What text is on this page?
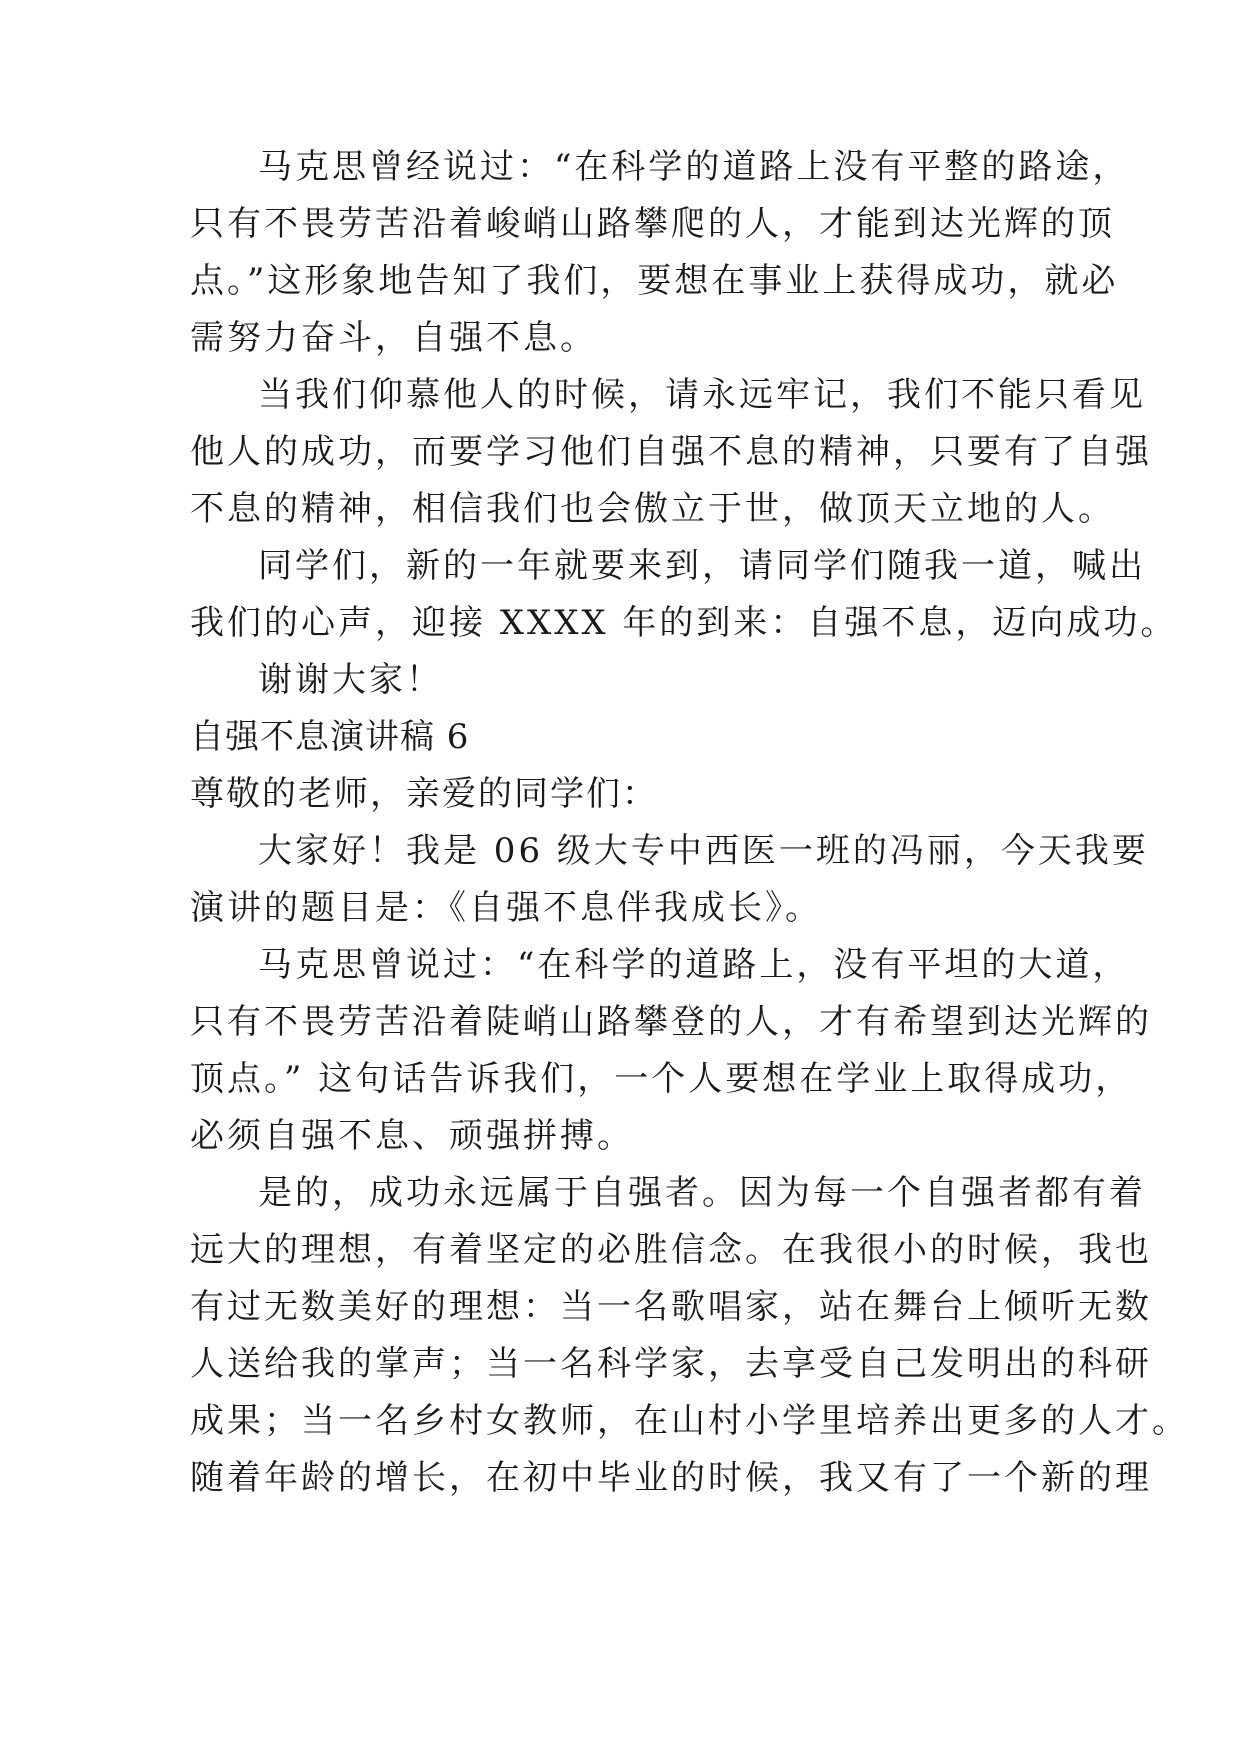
马克思曾经说过：“在科学的道路上没有平整的路途，

只有不畏劳苦沿着峻峭山路攀爬的人，才能到达光辉的顶

点。”这形象地告知了我们，要想在事业上获得成功，就必

需努力奋斗，自强不息。

当我们仰慕他人的时候，请永远牢记，我们不能只看见

他人的成功，而要学习他们自强不息的精神，只要有了自强

不息的精神，相信我们也会傲立于世，做顶天立地的人。

同学们，新的一年就要来到，请同学们随我一道，喊出

我们的心声，迎接 XXXX 年的到来：自强不息，迈向成功。

谢谢大家！

自强不息演讲稿 6

尊敬的老师，亲爱的同学们：

大家好！我是 06 级大专中西医一班的冯丽，今天我要

演讲的题目是：《自强不息伴我成长》。

马克思曾说过：“在科学的道路上，没有平坦的大道，

只有不畏劳苦沿着陡峭山路攀登的人，才有希望到达光辉的

顶点。” 这句话告诉我们，一个人要想在学业上取得成功，

必须自强不息、顽强拼搏。

是的，成功永远属于自强者。因为每一个自强者都有着

远大的理想，有着坚定的必胜信念。在我很小的时候，我也

有过无数美好的理想：当一名歌唱家，站在舞台上倾听无数

人送给我的掌声；当一名科学家，去享受自己发明出的科研

成果；当一名乡村女教师，在山村小学里培养出更多的人才。

随着年龄的增长，在初中毕业的时候，我又有了一个新的理
